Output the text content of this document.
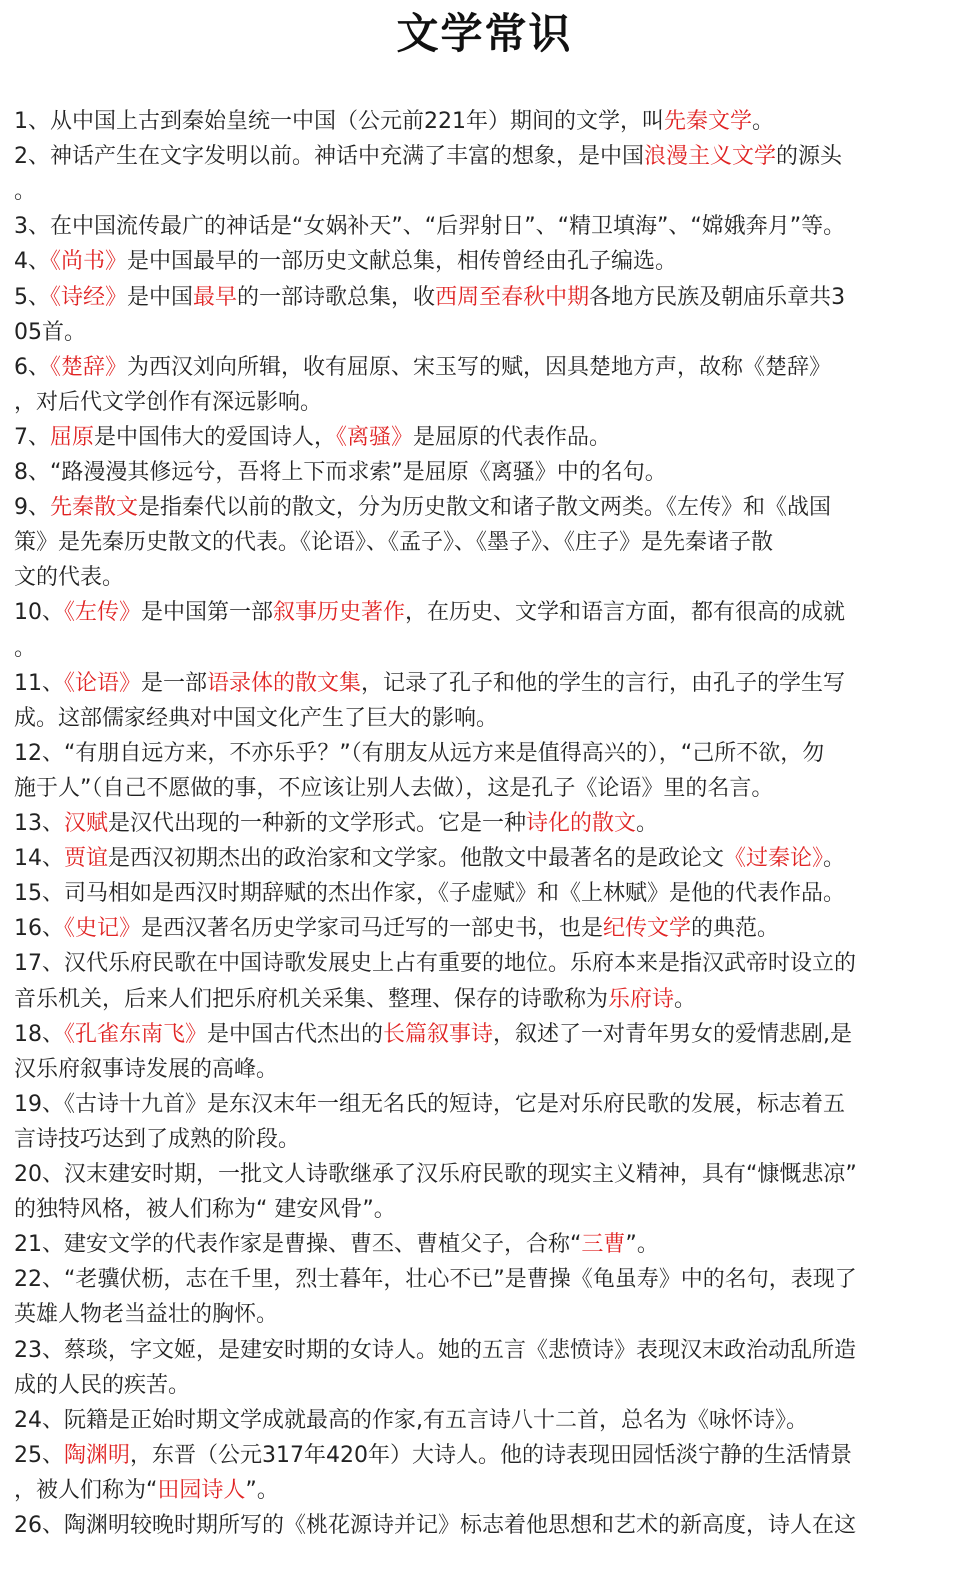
文学常识
1、从中国上古到秦始皇统一中国（公元前221年）期间的文学，叫先秦文学。
2、神话产生在文字发明以前。神话中充满了丰富的想象，是中国浪漫主义文学的源头
。
3、在中国流传最广的神话是“女娲补天”、“后羿射日”、“精卫填海”、“嫦娥奔月”等。
4、《尚书》是中国最早的一部历史文献总集，相传曾经由孔子编选。
5、《诗经》是中国最早的一部诗歌总集，收西周至春秋中期各地方民族及朝庙乐章共3
05首。
6、《楚辞》为西汉刘向所辑，收有屈原、宋玉写的赋，因具楚地方声，故称《楚辞》
，对后代文学创作有深远影响。
7、屈原是中国伟大的爱国诗人，《离骚》是屈原的代表作品。
8、“路漫漫其修远兮，吾将上下而求索”是屈原《离骚》中的名句。
9、先秦散文是指秦代以前的散文，分为历史散文和诸子散文两类。《左传》和《战国
策》是先秦历史散文的代表。《论语》、《孟子》、《墨子》、《庄子》是先秦诸子散
文的代表。
10、《左传》是中国第一部叙事历史著作，在历史、文学和语言方面，都有很高的成就
。
11、《论语》是一部语录体的散文集，记录了孔子和他的学生的言行，由孔子的学生写
成。这部儒家经典对中国文化产生了巨大的影响。
12、“有朋自远方来，不亦乐乎？”（有朋友从远方来是值得高兴的），“己所不欲，勿
施于人”（自己不愿做的事，不应该让别人去做），这是孔子《论语》里的名言。
13、汉赋是汉代出现的一种新的文学形式。它是一种诗化的散文。
14、贾谊是西汉初期杰出的政治家和文学家。他散文中最著名的是政论文《过秦论》。
15、司马相如是西汉时期辞赋的杰出作家，《子虚赋》和《上林赋》是他的代表作品。
16、《史记》是西汉著名历史学家司马迁写的一部史书，也是纪传文学的典范。
17、汉代乐府民歌在中国诗歌发展史上占有重要的地位。乐府本来是指汉武帝时设立的
音乐机关，后来人们把乐府机关采集、整理、保存的诗歌称为乐府诗。
18、《孔雀东南飞》是中国古代杰出的长篇叙事诗，叙述了一对青年男女的爱情悲剧,是
汉乐府叙事诗发展的高峰。
19、《古诗十九首》是东汉末年一组无名氏的短诗，它是对乐府民歌的发展，标志着五
言诗技巧达到了成熟的阶段。
20、汉末建安时期，一批文人诗歌继承了汉乐府民歌的现实主义精神，具有“慷慨悲凉”
的独特风格，被人们称为“ 建安风骨”。
21、建安文学的代表作家是曹操、曹丕、曹植父子，合称“三曹”。
22、“老骥伏枥，志在千里，烈士暮年，壮心不已”是曹操《龟虽寿》中的名句，表现了
英雄人物老当益壮的胸怀。
23、蔡琰，字文姬，是建安时期的女诗人。她的五言《悲愤诗》表现汉末政治动乱所造
成的人民的疾苦。
24、阮籍是正始时期文学成就最高的作家,有五言诗八十二首，总名为《咏怀诗》。
25、陶渊明，东晋（公元317年420年）大诗人。他的诗表现田园恬淡宁静的生活情景
，被人们称为“田园诗人”。
26、陶渊明较晚时期所写的《桃花源诗并记》标志着他思想和艺术的新高度，诗人在这
